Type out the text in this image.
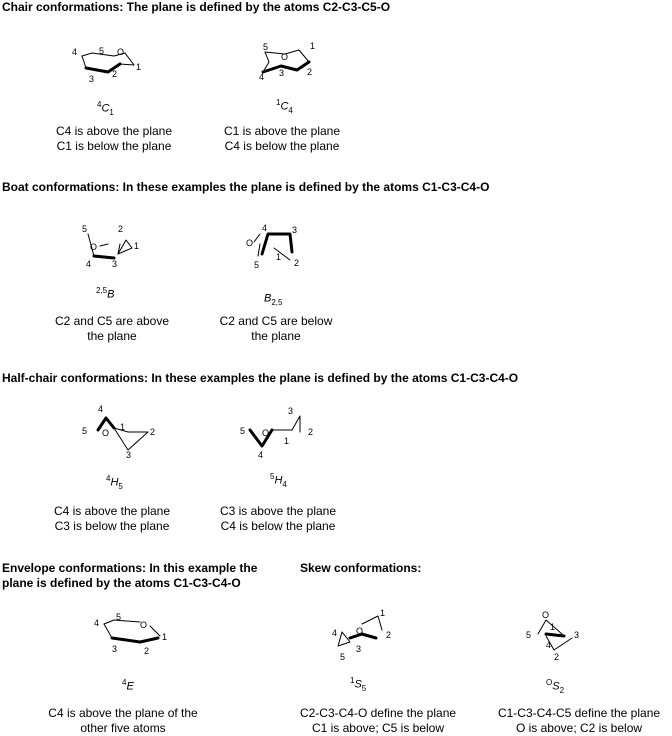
Chair conformations: The plane is defined by the atoms C2-C3-C5-O
4 5 O
1
2
3
$^4C_1$
C4 is above the plane
C1 is below the plane
5
O
1
4 3	2
$^1C_4$
C1 is above the plane
C4 is below the plane
Boat conformations: In these examples the plane is defined by the atoms C1-C3-C4-O
5
O
2
1
4 3
$^{2,5}$B
C2 and C5 are above
the plane
O
4	3
5
1
2
$B_{2,5}$
C2 and C5 are below
the plane
Half-chair conformations: In these examples the plane is defined by the atoms C1-C3-C4-O
4
5 O
1	2
3
$^4H_5$
C4 is above the plane
C3 is below the plane
5 O
3
2
1
4
$^5H_4$
C3 is above the plane
C4 is below the plane
Envelope conformations: In this example the
plane is defined by the atoms C1-C3-C4-O
4
5
O
1
2
3
$^4$E
C4 is above the plane of the
other five atoms
Skew conformations:
4 O
1
2
3
5
$^1S_5$
C2-C3-C4-O define the plane
C1 is above; C5 is below
5
O
1
3
4
2
$^OS_2$
C1-C3-C4-C5 define the plane
O is above; C2 is below
